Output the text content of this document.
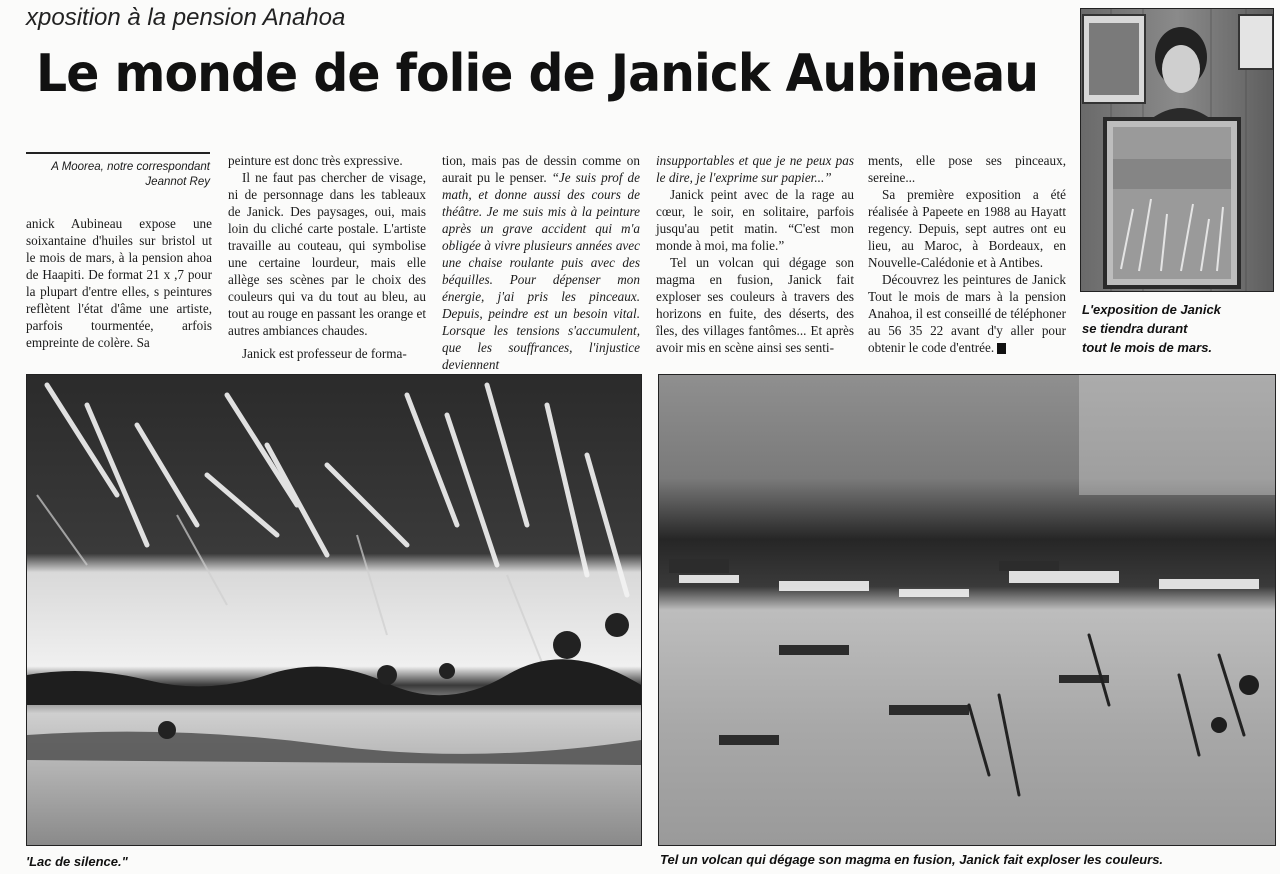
xposition à la pension Anahoa
Le monde de folie de Janick Aubineau
A Moorea, notre correspondant
Jeannot Rey

anick Aubineau expose une soixantaine d'huiles sur bristol ut le mois de mars, à la pension ahoa de Haapiti. De format 21 x ,7 pour la plupart d'entre elles, s peintures reflètent l'état d'âme une artiste, parfois tourmentée, arfois empreinte de colère. Sa

peinture est donc très expressive.

Il ne faut pas chercher de visage, ni de personnage dans les tableaux de Janick. Des paysages, oui, mais loin du cliché carte postale. L'artiste travaille au couteau, qui symbolise une certaine lourdeur, mais elle allège ses scènes par le choix des couleurs qui va du tout au bleu, au tout au rouge en passant les orange et autres ambiances chaudes.

Janick est professeur de forma-

tion, mais pas de dessin comme on aurait pu le penser. “Je suis prof de math, et donne aussi des cours de théâtre. Je me suis mis à la peinture après un grave accident qui m'a obligée à vivre plusieurs années avec une chaise roulante puis avec des béquilles. Pour dépenser mon énergie, j'ai pris les pinceaux. Depuis, peindre est un besoin vital. Lorsque les tensions s'accumulent, que les souffrances, l'injustice deviennent

insupportables et que je ne peux pas le dire, je l'exprime sur papier...”

Janick peint avec de la rage au cœur, le soir, en solitaire, parfois jusqu'au petit matin. “C'est mon monde à moi, ma folie.”

Tel un volcan qui dégage son magma en fusion, Janick fait exploser ses couleurs à travers des horizons en fuite, des déserts, des îles, des villages fantômes... Et après avoir mis en scène ainsi ses senti-

ments, elle pose ses pinceaux, sereine...

Sa première exposition a été réalisée à Papeete en 1988 au Hayatt regency. Depuis, sept autres ont eu lieu, au Maroc, à Bordeaux, en Nouvelle-Calédonie et à Antibes.

Découvrez les peintures de Janick Tout le mois de mars à la pension Anahoa, il est conseillé de téléphoner au 56 35 22 avant d'y aller pour obtenir le code d'entrée.

L'exposition de Janick
se tiendra durant
tout le mois de mars.
'Lac de silence."	Tel un volcan qui dégage son magma en fusion, Janick fait exploser les couleurs.
